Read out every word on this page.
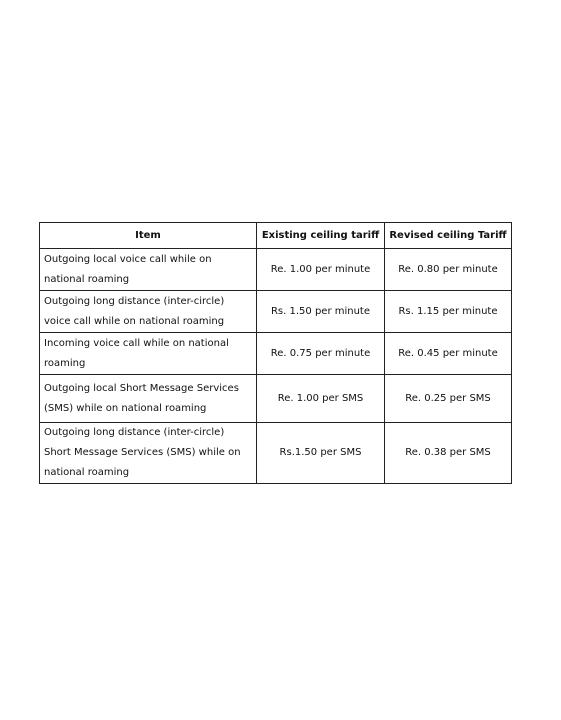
Item	Existing ceiling tariff	Revised ceiling Tariff
Outgoing local voice call while on national roaming	Re. 1.00 per minute	Re. 0.80 per minute
Outgoing long distance (inter-circle) voice call while on national roaming	Rs. 1.50 per minute	Rs. 1.15 per minute
Incoming voice call while on national roaming	Re. 0.75 per minute	Re. 0.45 per minute
Outgoing local Short Message Services (SMS) while on national roaming	Re. 1.00 per SMS	Re. 0.25 per SMS
Outgoing long distance (inter-circle) Short Message Services (SMS) while on national roaming	Rs.1.50 per SMS	Re. 0.38 per SMS
